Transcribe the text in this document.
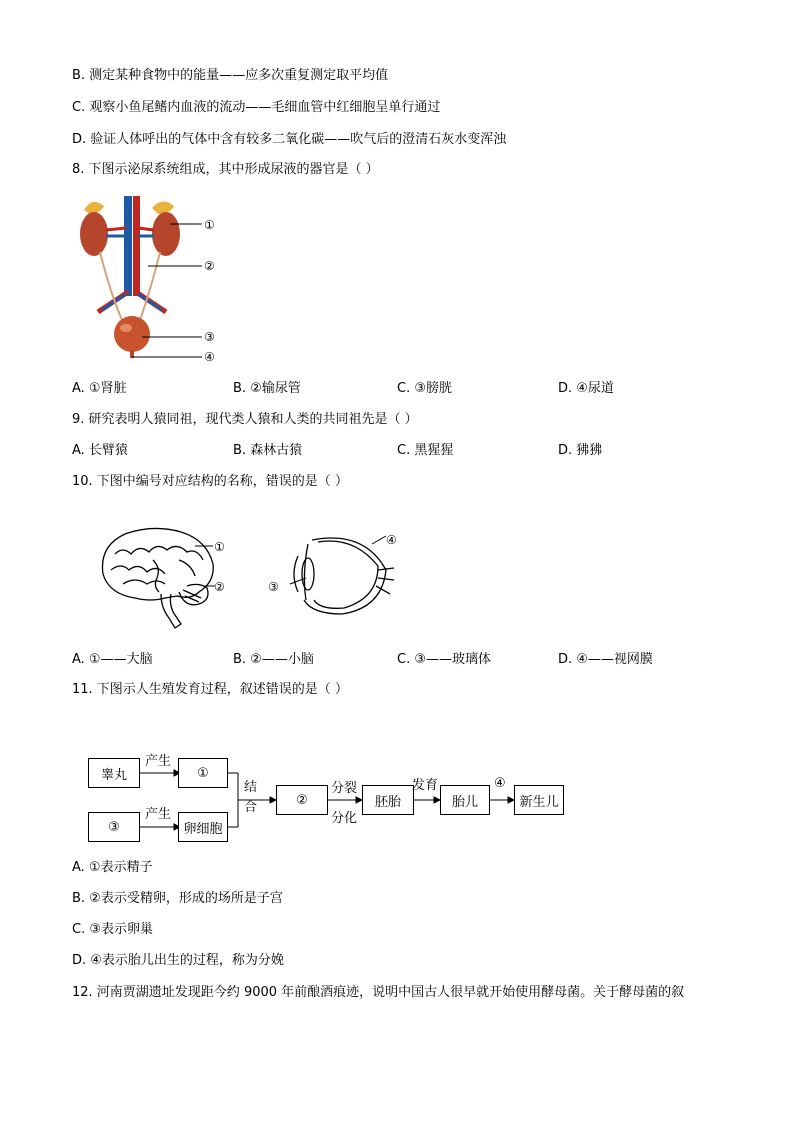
B. 测定某种食物中的能量——应多次重复测定取平均值
C. 观察小鱼尾鳍内血液的流动——毛细血管中红细胞呈单行通过
D. 验证人体呼出的气体中含有较多二氧化碳——吹气后的澄清石灰水变浑浊
8. 下图示泌尿系统组成，其中形成尿液的器官是（ ）
①
②
③
④
A. ①肾脏	B. ②输尿管	C. ③膀胱	D. ④尿道
9. 研究表明人猿同祖，现代类人猿和人类的共同祖先是（ ）
A. 长臂猿	B. 森林古猿	C. 黑猩猩	D. 狒狒
10. 下图中编号对应结构的名称，错误的是（ ）
①
②
④
③
A. ①——大脑	B. ②——小脑	C. ③——玻璃体	D. ④——视网膜
11. 下图示人生殖发育过程，叙述错误的是（ ）
睾丸
产生
①
③
产生
卵细胞
结
合	②
分裂
分化
胚胎
发育
胎儿
④
新生儿
A. ①表示精子
B. ②表示受精卵，形成的场所是子宫
C. ③表示卵巢
D. ④表示胎儿出生的过程，称为分娩
12. 河南贾湖遗址发现距今约 9000 年前酿酒痕迹，说明中国古人很早就开始使用酵母菌。关于酵母菌的叙
